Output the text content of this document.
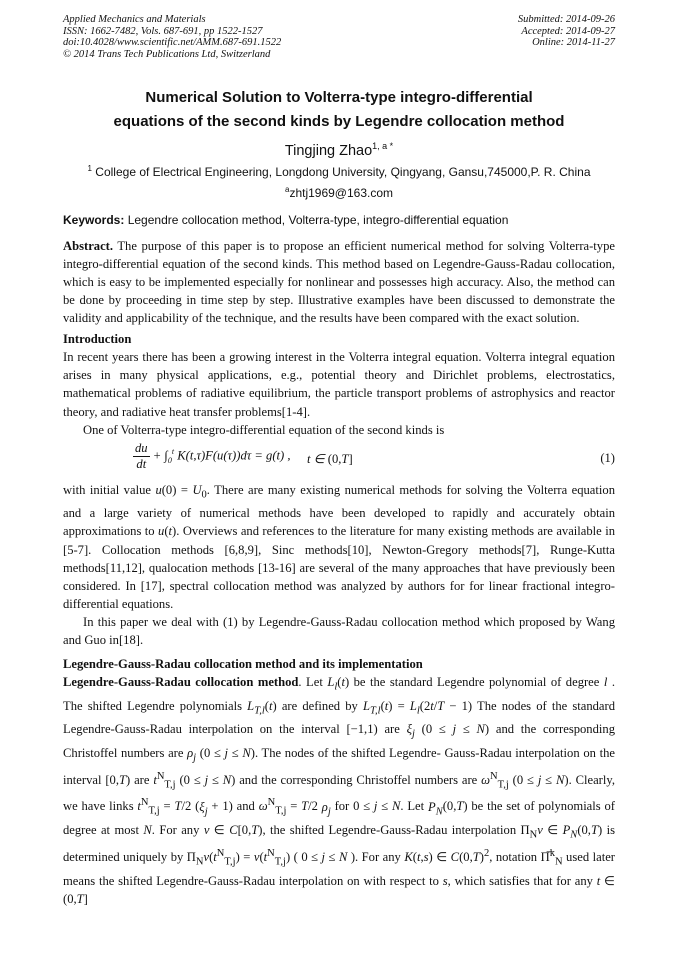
Applied Mechanics and Materials
ISSN: 1662-7482, Vols. 687-691, pp 1522-1527
doi:10.4028/www.scientific.net/AMM.687-691.1522
© 2014 Trans Tech Publications Ltd, Switzerland
Submitted: 2014-09-26
Accepted: 2014-09-27
Online: 2014-11-27
Numerical Solution to Volterra-type integro-differential
equations of the second kinds by Legendre collocation method
Tingjing Zhao$^{1, a *}$
$^1$ College of Electrical Engineering, Longdong University, Qingyang, Gansu,745000,P. R. China
$^a$zhtj1969@163.com
Keywords: Legendre collocation method, Volterra-type, integro-differential equation

Abstract. The purpose of this paper is to propose an efficient numerical method for solving Volterra-type integro-differential equation of the second kinds. This method based on Legendre-Gauss-Radau collocation, which is easy to be implemented especially for nonlinear and possesses high accuracy. Also, the method can be done by proceeding in time step by step. Illustrative examples have been discussed to demonstrate the validity and applicability of the technique, and the results have been compared with the exact solution.

Introduction

In recent years there has been a growing interest in the Volterra integral equation. Volterra integral equation arises in many physical applications, e.g., potential theory and Dirichlet problems, electrostatics, mathematical problems of radiative equilibrium, the particle transport problems of astrophysics and reactor theory, and radiative heat transfer problems[1-4].

One of Volterra-type integro-differential equation of the second kinds is

$\frac{du}{dt} + \int_0^t$ K(t,τ)F(u(τ))dτ = g(t) , t ∈ (0,T]	(1)

with initial value $u(0) = U_0$. There are many existing numerical methods for solving the Volterra equation and a large variety of numerical methods have been developed to rapidly and accurately obtain approximations to u(t). Overviews and references to the literature for many existing methods are available in [5-7]. Collocation methods [6,8,9], Sinc methods[10], Newton-Gregory methods[7], Runge-Kutta methods[11,12], qualocation methods [13-16] are several of the many approaches that have previously been considered. In [17], spectral collocation method was analyzed by authors for for linear fractional integro-differential equations.

In this paper we deal with (1) by Legendre-Gauss-Radau collocation method which proposed by Wang and Guo in[18].

Legendre-Gauss-Radau collocation method and its implementation

Legendre-Gauss-Radau collocation method. Let $L_l(t)$ be the standard Legendre polynomial of degree l . The shifted Legendre polynomials $L_{T,l}(t)$ are defined by $L_{T,l}(t) = L_l(2t/T - 1)$ The nodes of the standard Legendre-Gauss-Radau interpolation on the interval [−1,1) are $\xi_j$ (0 ≤ j ≤ N) and the corresponding Christoffel numbers are $\rho_j$ (0 ≤ j ≤ N). The nodes of the shifted Legendre- Gauss-Radau interpolation on the interval [0,T) are $t^N_{T,j}$ (0 ≤ j ≤ N) and the corresponding Christoffel numbers are $\omega^N_{T,j}$ (0 ≤ j ≤ N). Clearly, we have links $t^N_{T,j} = T/2$ $(\xi_j + 1)$ and $\omega^N_{T,j} = T/2$ $\rho_j$ for 0 ≤ j ≤ N. Let $P_N(0,T)$ be the set of polynomials of degree at most N. For any v ∈ C[0,T), the shifted Legendre-Gauss-Radau interpolation $\Pi_Nv$ ∈ $P_N(0,T)$ is determined uniquely by $\Pi_Nv(t^N_{T,j}) = v(t^N_{T,j})$ ( 0 ≤ j ≤ N ). For any K(t,s) ∈ $C(0,T)^2$, notation Π̅$^k_N$ used later means the shifted Legendre-Gauss-Radau interpolation on with respect to s, which satisfies that for any t ∈ (0,T]
